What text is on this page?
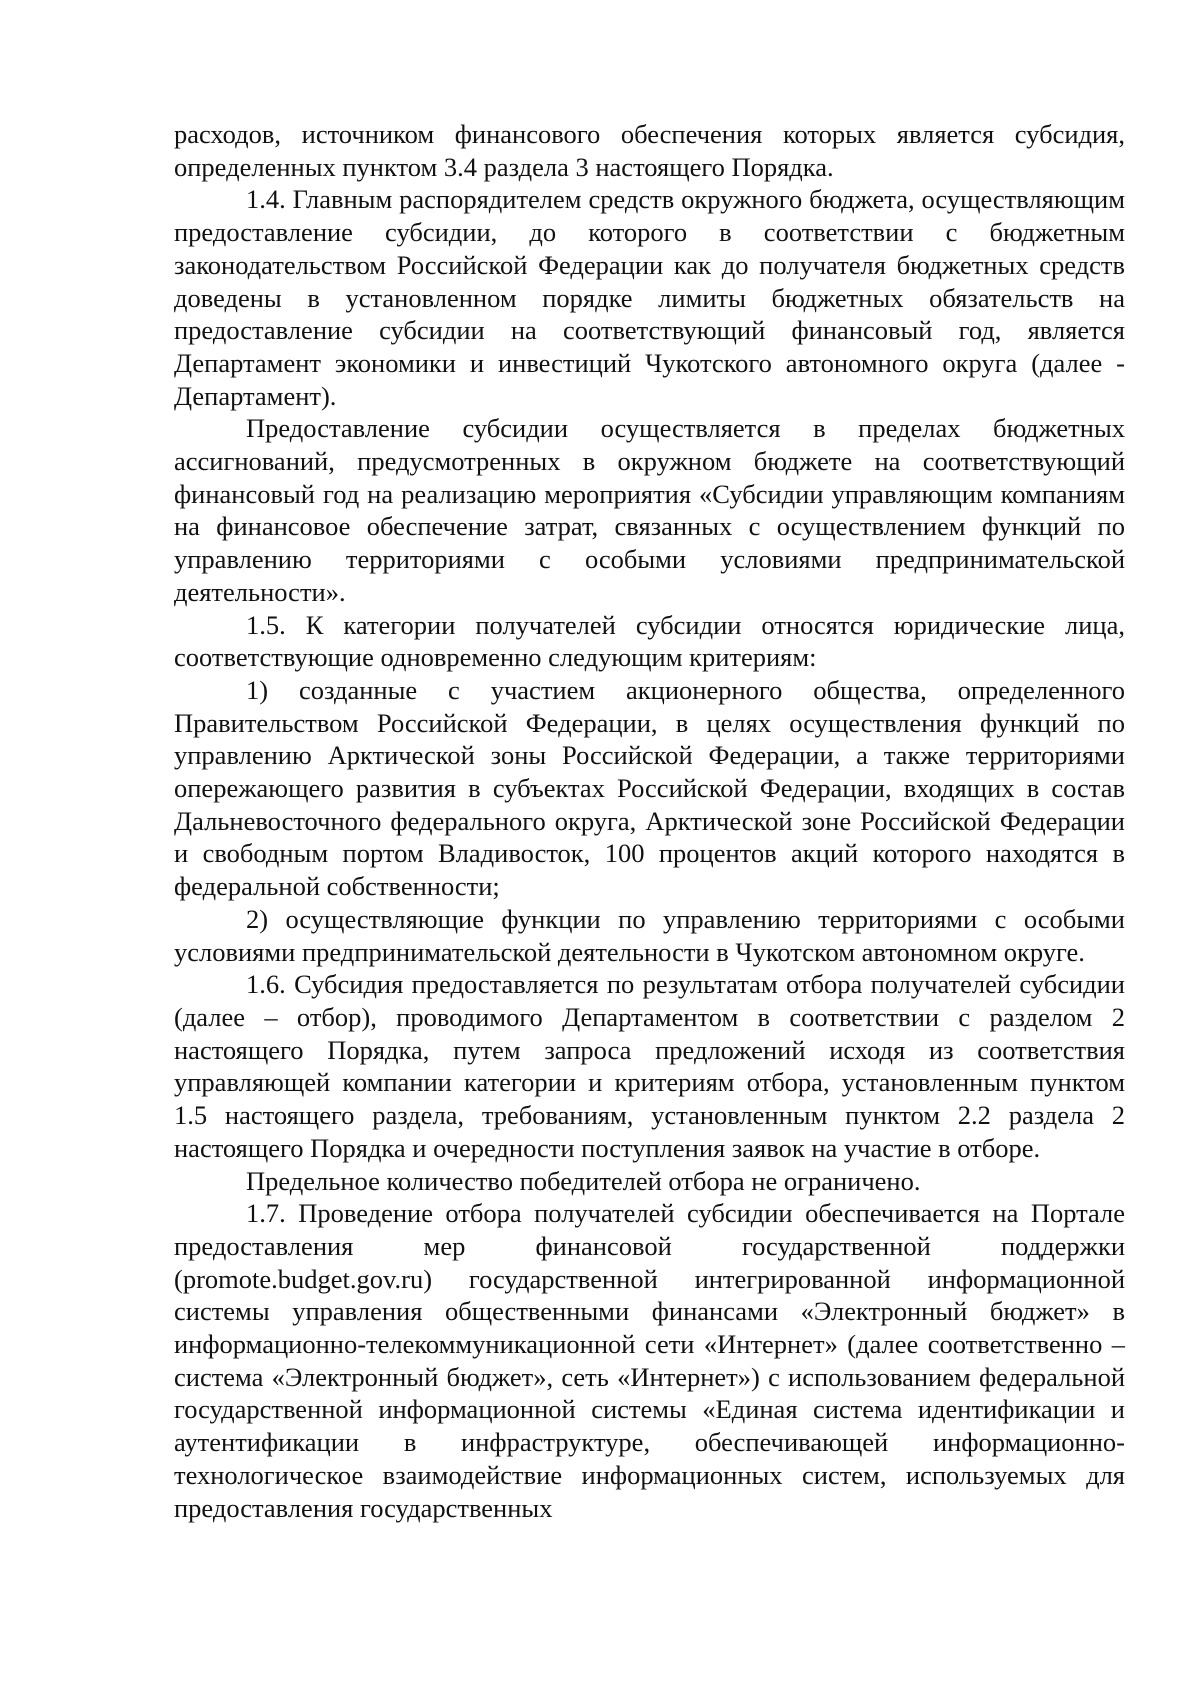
расходов, источником финансового обеспечения которых является субсидия, определенных пунктом 3.4 раздела 3 настоящего Порядка.

1.4. Главным распорядителем средств окружного бюджета, осуществляющим предоставление субсидии, до которого в соответствии с бюджетным законодательством Российской Федерации как до получателя бюджетных средств доведены в установленном порядке лимиты бюджетных обязательств на предоставление субсидии на соответствующий финансовый год, является Департамент экономики и инвестиций Чукотского автономного округа (далее - Департамент).

Предоставление субсидии осуществляется в пределах бюджетных ассигнований, предусмотренных в окружном бюджете на соответствующий финансовый год на реализацию мероприятия «Субсидии управляющим компаниям на финансовое обеспечение затрат, связанных с осуществлением функций по управлению территориями с особыми условиями предпринимательской деятельности».

1.5. К категории получателей субсидии относятся юридические лица, соответствующие одновременно следующим критериям:

1) созданные с участием акционерного общества, определенного Правительством Российской Федерации, в целях осуществления функций по управлению Арктической зоны Российской Федерации, а также территориями опережающего развития в субъектах Российской Федерации, входящих в состав Дальневосточного федерального округа, Арктической зоне Российской Федерации и свободным портом Владивосток, 100 процентов акций которого находятся в федеральной собственности;

2) осуществляющие функции по управлению территориями с особыми условиями предпринимательской деятельности в Чукотском автономном округе.

1.6. Субсидия предоставляется по результатам отбора получателей субсидии (далее – отбор), проводимого Департаментом в соответствии с разделом 2 настоящего Порядка, путем запроса предложений исходя из соответствия управляющей компании категории и критериям отбора, установленным пунктом 1.5 настоящего раздела, требованиям, установленным пунктом 2.2 раздела 2 настоящего Порядка и очередности поступления заявок на участие в отборе.

Предельное количество победителей отбора не ограничено.

1.7. Проведение отбора получателей субсидии обеспечивается на Портале предоставления мер финансовой государственной поддержки (promote.budget.gov.ru) государственной интегрированной информационной системы управления общественными финансами «Электронный бюджет» в информационно-телекоммуникационной сети «Интернет» (далее соответственно – система «Электронный бюджет», сеть «Интернет») с использованием федеральной государственной информационной системы «Единая система идентификации и аутентификации в инфраструктуре, обеспечивающей информационно-технологическое взаимодействие информационных систем, используемых для предоставления государственных
